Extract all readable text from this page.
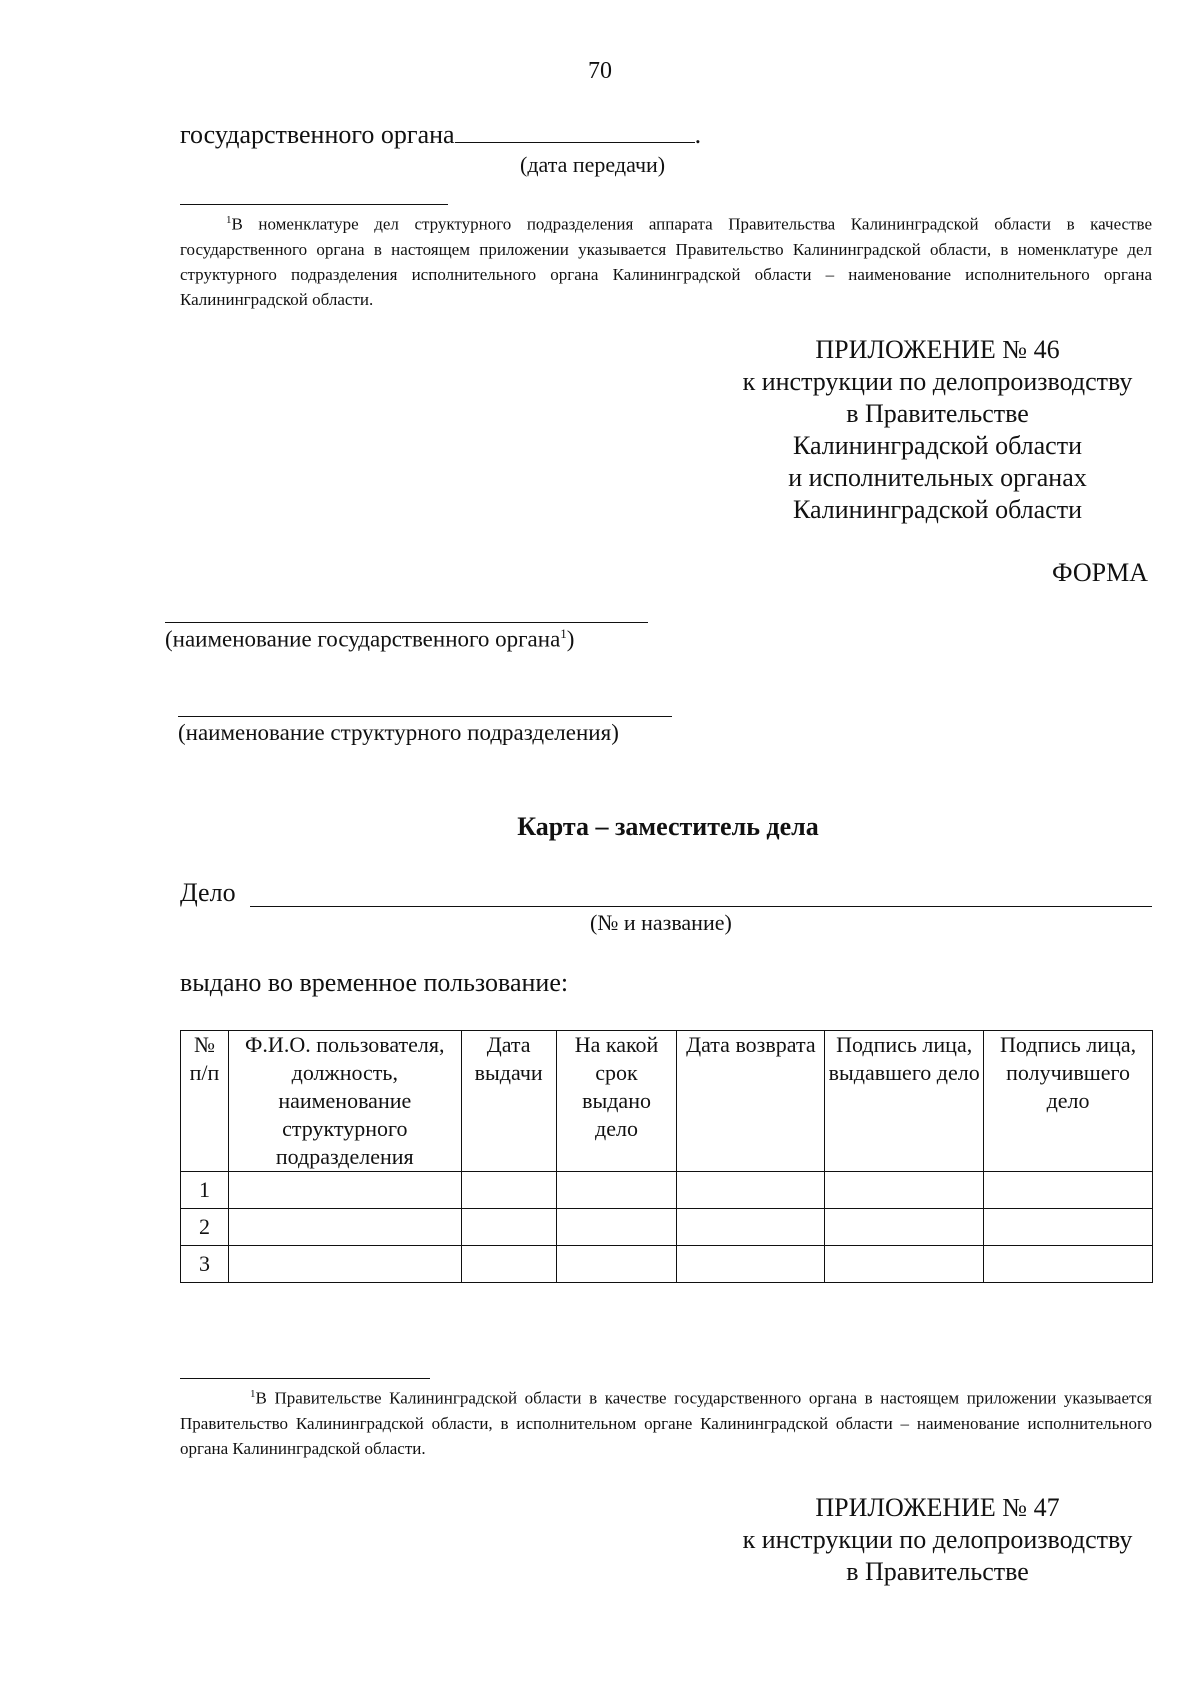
70
государственного органа	.
(дата передачи)
$^1$В номенклатуре дел структурного подразделения аппарата Правительства Калининградской области в качестве государственного органа в настоящем приложении указывается Правительство Калининградской области, в номенклатуре дел структурного подразделения исполнительного органа Калининградской области – наименование исполнительного органа Калининградской области.
ПРИЛОЖЕНИЕ № 46
к инструкции по делопроизводству
в Правительстве
Калининградской области
и исполнительных органах
Калининградской области
ФОРМА
(наименование государственного органа$^1$)
(наименование структурного подразделения)
Карта – заместитель дела
Дело
(№ и название)
выдано во временное пользование:
№ п/п	Ф.И.О. пользователя, должность, наименование структурного подразделения	Дата выдачи	На какой срок выдано дело	Дата возврата	Подпись лица, выдавшего дело	Подпись лица, получившего дело
1						
2						
3						
$^1$В Правительстве Калининградской области в качестве государственного органа в настоящем приложении указывается Правительство Калининградской области, в исполнительном органе Калининградской области – наименование исполнительного органа Калининградской области.
ПРИЛОЖЕНИЕ № 47
к инструкции по делопроизводству
в Правительстве
